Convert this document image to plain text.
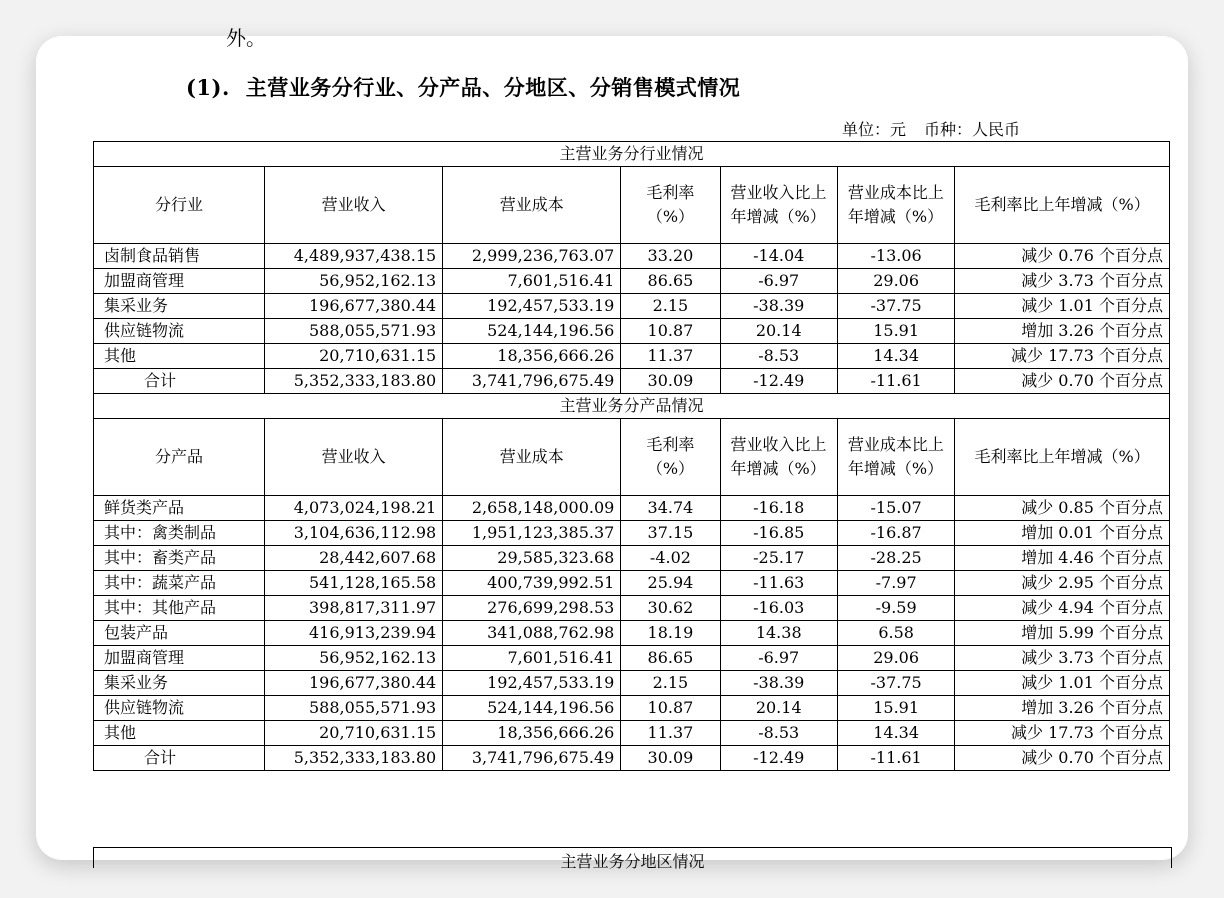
外。
(1). 主营业务分行业、分产品、分地区、分销售模式情况
单位：元 币种：人民币
主营业务分行业情况						
分行业	营业收入	营业成本	毛利率（%）	营业收入比上年增减（%）	营业成本比上年增减（%）	毛利率比上年增减（%）
卤制食品销售	4,489,937,438.15	2,999,236,763.07	33.20	-14.04	-13.06	减少 0.76 个百分点
加盟商管理	56,952,162.13	7,601,516.41	86.65	-6.97	29.06	减少 3.73 个百分点
集采业务	196,677,380.44	192,457,533.19	2.15	-38.39	-37.75	减少 1.01 个百分点
供应链物流	588,055,571.93	524,144,196.56	10.87	20.14	15.91	增加 3.26 个百分点
其他	20,710,631.15	18,356,666.26	11.37	-8.53	14.34	减少 17.73 个百分点
合计	5,352,333,183.80	3,741,796,675.49	30.09	-12.49	-11.61	减少 0.70 个百分点
主营业务分产品情况						
分产品	营业收入	营业成本	毛利率（%）	营业收入比上年增减（%）	营业成本比上年增减（%）	毛利率比上年增减（%）
鲜货类产品	4,073,024,198.21	2,658,148,000.09	34.74	-16.18	-15.07	减少 0.85 个百分点
其中：禽类制品	3,104,636,112.98	1,951,123,385.37	37.15	-16.85	-16.87	增加 0.01 个百分点
其中：畜类产品	28,442,607.68	29,585,323.68	-4.02	-25.17	-28.25	增加 4.46 个百分点
其中：蔬菜产品	541,128,165.58	400,739,992.51	25.94	-11.63	-7.97	减少 2.95 个百分点
其中：其他产品	398,817,311.97	276,699,298.53	30.62	-16.03	-9.59	减少 4.94 个百分点
包装产品	416,913,239.94	341,088,762.98	18.19	14.38	6.58	增加 5.99 个百分点
加盟商管理	56,952,162.13	7,601,516.41	86.65	-6.97	29.06	减少 3.73 个百分点
集采业务	196,677,380.44	192,457,533.19	2.15	-38.39	-37.75	减少 1.01 个百分点
供应链物流	588,055,571.93	524,144,196.56	10.87	20.14	15.91	增加 3.26 个百分点
其他	20,710,631.15	18,356,666.26	11.37	-8.53	14.34	减少 17.73 个百分点
合计	5,352,333,183.80	3,741,796,675.49	30.09	-12.49	-11.61	减少 0.70 个百分点
主营业务分地区情况
